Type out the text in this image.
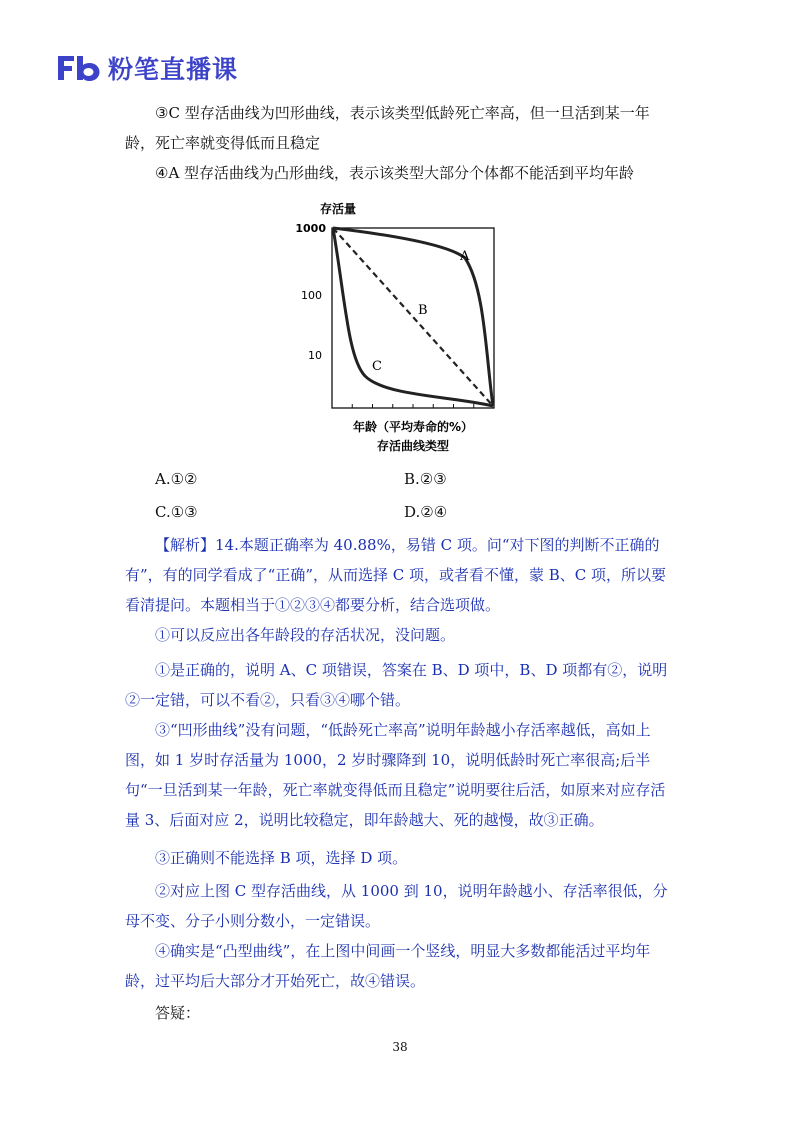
粉笔直播课

③C 型存活曲线为凹形曲线，表示该类型低龄死亡率高，但一旦活到某一年龄，死亡率就变得低而且稳定

④A 型存活曲线为凸形曲线，表示该类型大部分个体都不能活到平均年龄

存活量
1000
100
10
A
B
C
年龄（平均寿命的%）
存活曲线类型
A.①②	B.②③
C.①③	D.②④

【解析】14.本题正确率为 40.88%，易错 C 项。问“对下图的判断不正确的有”，有的同学看成了“正确”，从而选择 C 项，或者看不懂，蒙 B、C 项，所以要看清提问。本题相当于①②③④都要分析，结合选项做。

①可以反应出各年龄段的存活状况，没问题。

①是正确的，说明 A、C 项错误，答案在 B、D 项中，B、D 项都有②，说明②一定错，可以不看②，只看③④哪个错。

③“凹形曲线”没有问题，“低龄死亡率高”说明年龄越小存活率越低，高如上图，如 1 岁时存活量为 1000，2 岁时骤降到 10，说明低龄时死亡率很高;后半句“一旦活到某一年龄，死亡率就变得低而且稳定”说明要往后活，如原来对应存活量 3、后面对应 2，说明比较稳定，即年龄越大、死的越慢，故③正确。

③正确则不能选择 B 项，选择 D 项。

②对应上图 C 型存活曲线，从 1000 到 10，说明年龄越小、存活率很低，分母不变、分子小则分数小，一定错误。

④确实是“凸型曲线”，在上图中间画一个竖线，明显大多数都能活过平均年龄，过平均后大部分才开始死亡，故④错误。

答疑：

38
